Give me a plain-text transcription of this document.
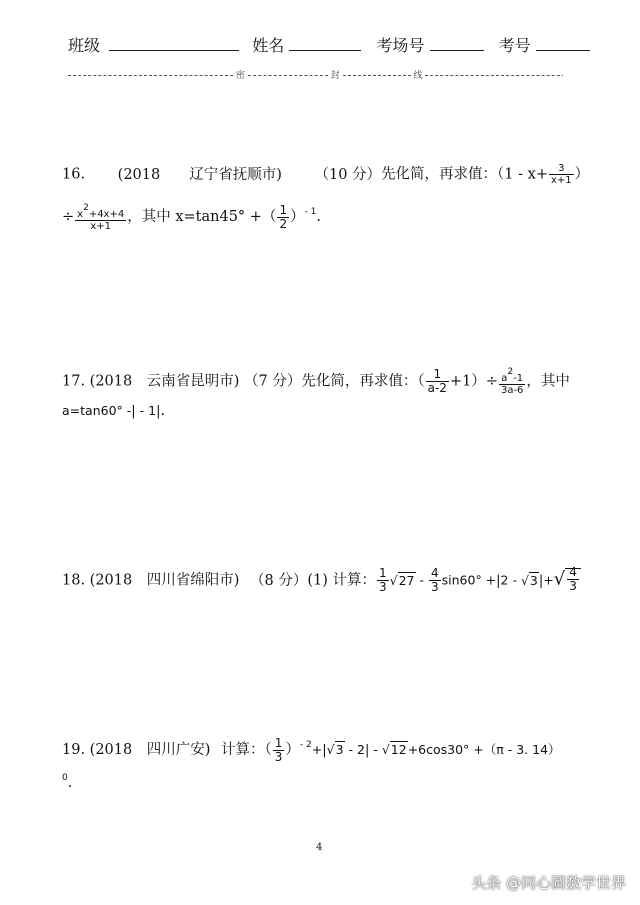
班级	姓名	考场号	考号
密	封	线
16. (2018　　辽宁省抚顺市) （10 分）先化简，再求值：（$1 - x+ \frac{3}{x+1}$ ）
÷ $\frac{x2+4x+4}{x+1}$ ，其中 x=tan45° +（ $\frac{1}{2} )^{- 1}$.
17. (2018　云南省昆明市) （7 分）先化简，再求值：（ $\frac{1}{a-2} +1)\div \frac{a2-1}{3a-6}$ ，其中
a=tan60° -| - 1|.
18. (2018　四川省绵阳市) （8 分）(1) 计算： $\frac{1}{3} √27 - \frac{4}{3} \sin 60^\circ +|2 - √3|+√ \frac{4}{3}$
19. (2018　四川广安) 计算：（ $\frac{1}{3} )^{- 2}+|√3 - 2| - √12+6\cos 30^\circ +(\pi - 3$. 14）
$^0$.
4
头条 @同心圆数学世界
